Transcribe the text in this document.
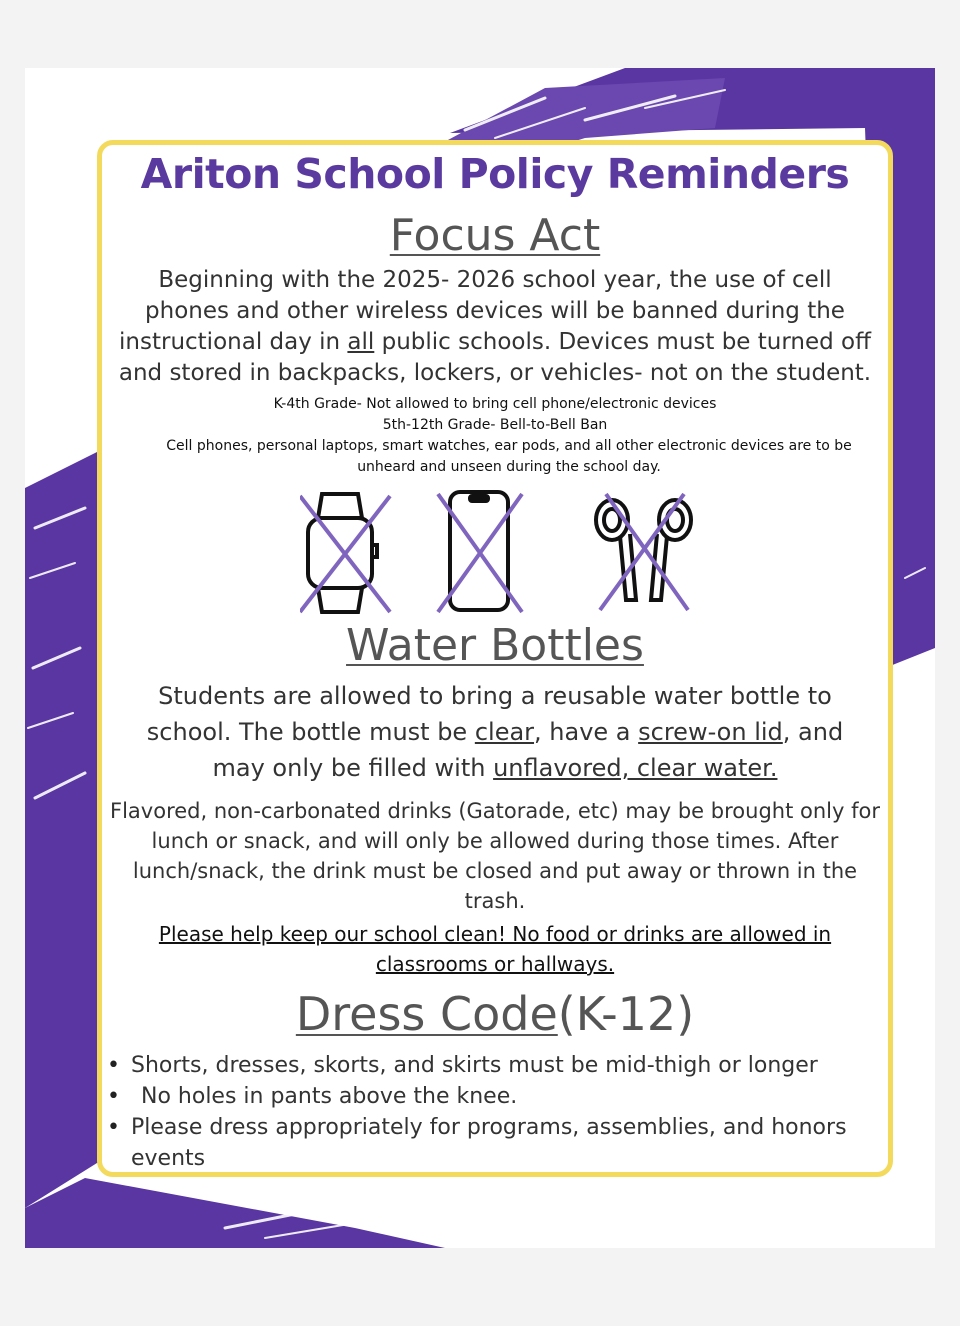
Ariton School Policy Reminders
Focus Act
Beginning with the 2025- 2026 school year, the use of cell phones and other wireless devices will be banned during the instructional day in all public schools. Devices must be turned off and stored in backpacks, lockers, or vehicles- not on the student.
K-4th Grade- Not allowed to bring cell phone/electronic devices
5th-12th Grade- Bell-to-Bell Ban
Cell phones, personal laptops, smart watches, ear pods, and all other electronic devices are to be unheard and unseen during the school day.
Water Bottles
Students are allowed to bring a reusable water bottle to school. The bottle must be clear, have a screw-on lid, and may only be filled with unflavored, clear water.
Flavored, non-carbonated drinks (Gatorade, etc) may be brought only for lunch or snack, and will only be allowed during those times. After lunch/snack, the drink must be closed and put away or thrown in the trash.
Please help keep our school clean! No food or drinks are allowed in classrooms or hallways.
Dress Code(K-12)
• Shorts, dresses, skorts, and skirts must be mid-thigh or longer
• No holes in pants above the knee.
• Please dress appropriately for programs, assemblies, and honors events
